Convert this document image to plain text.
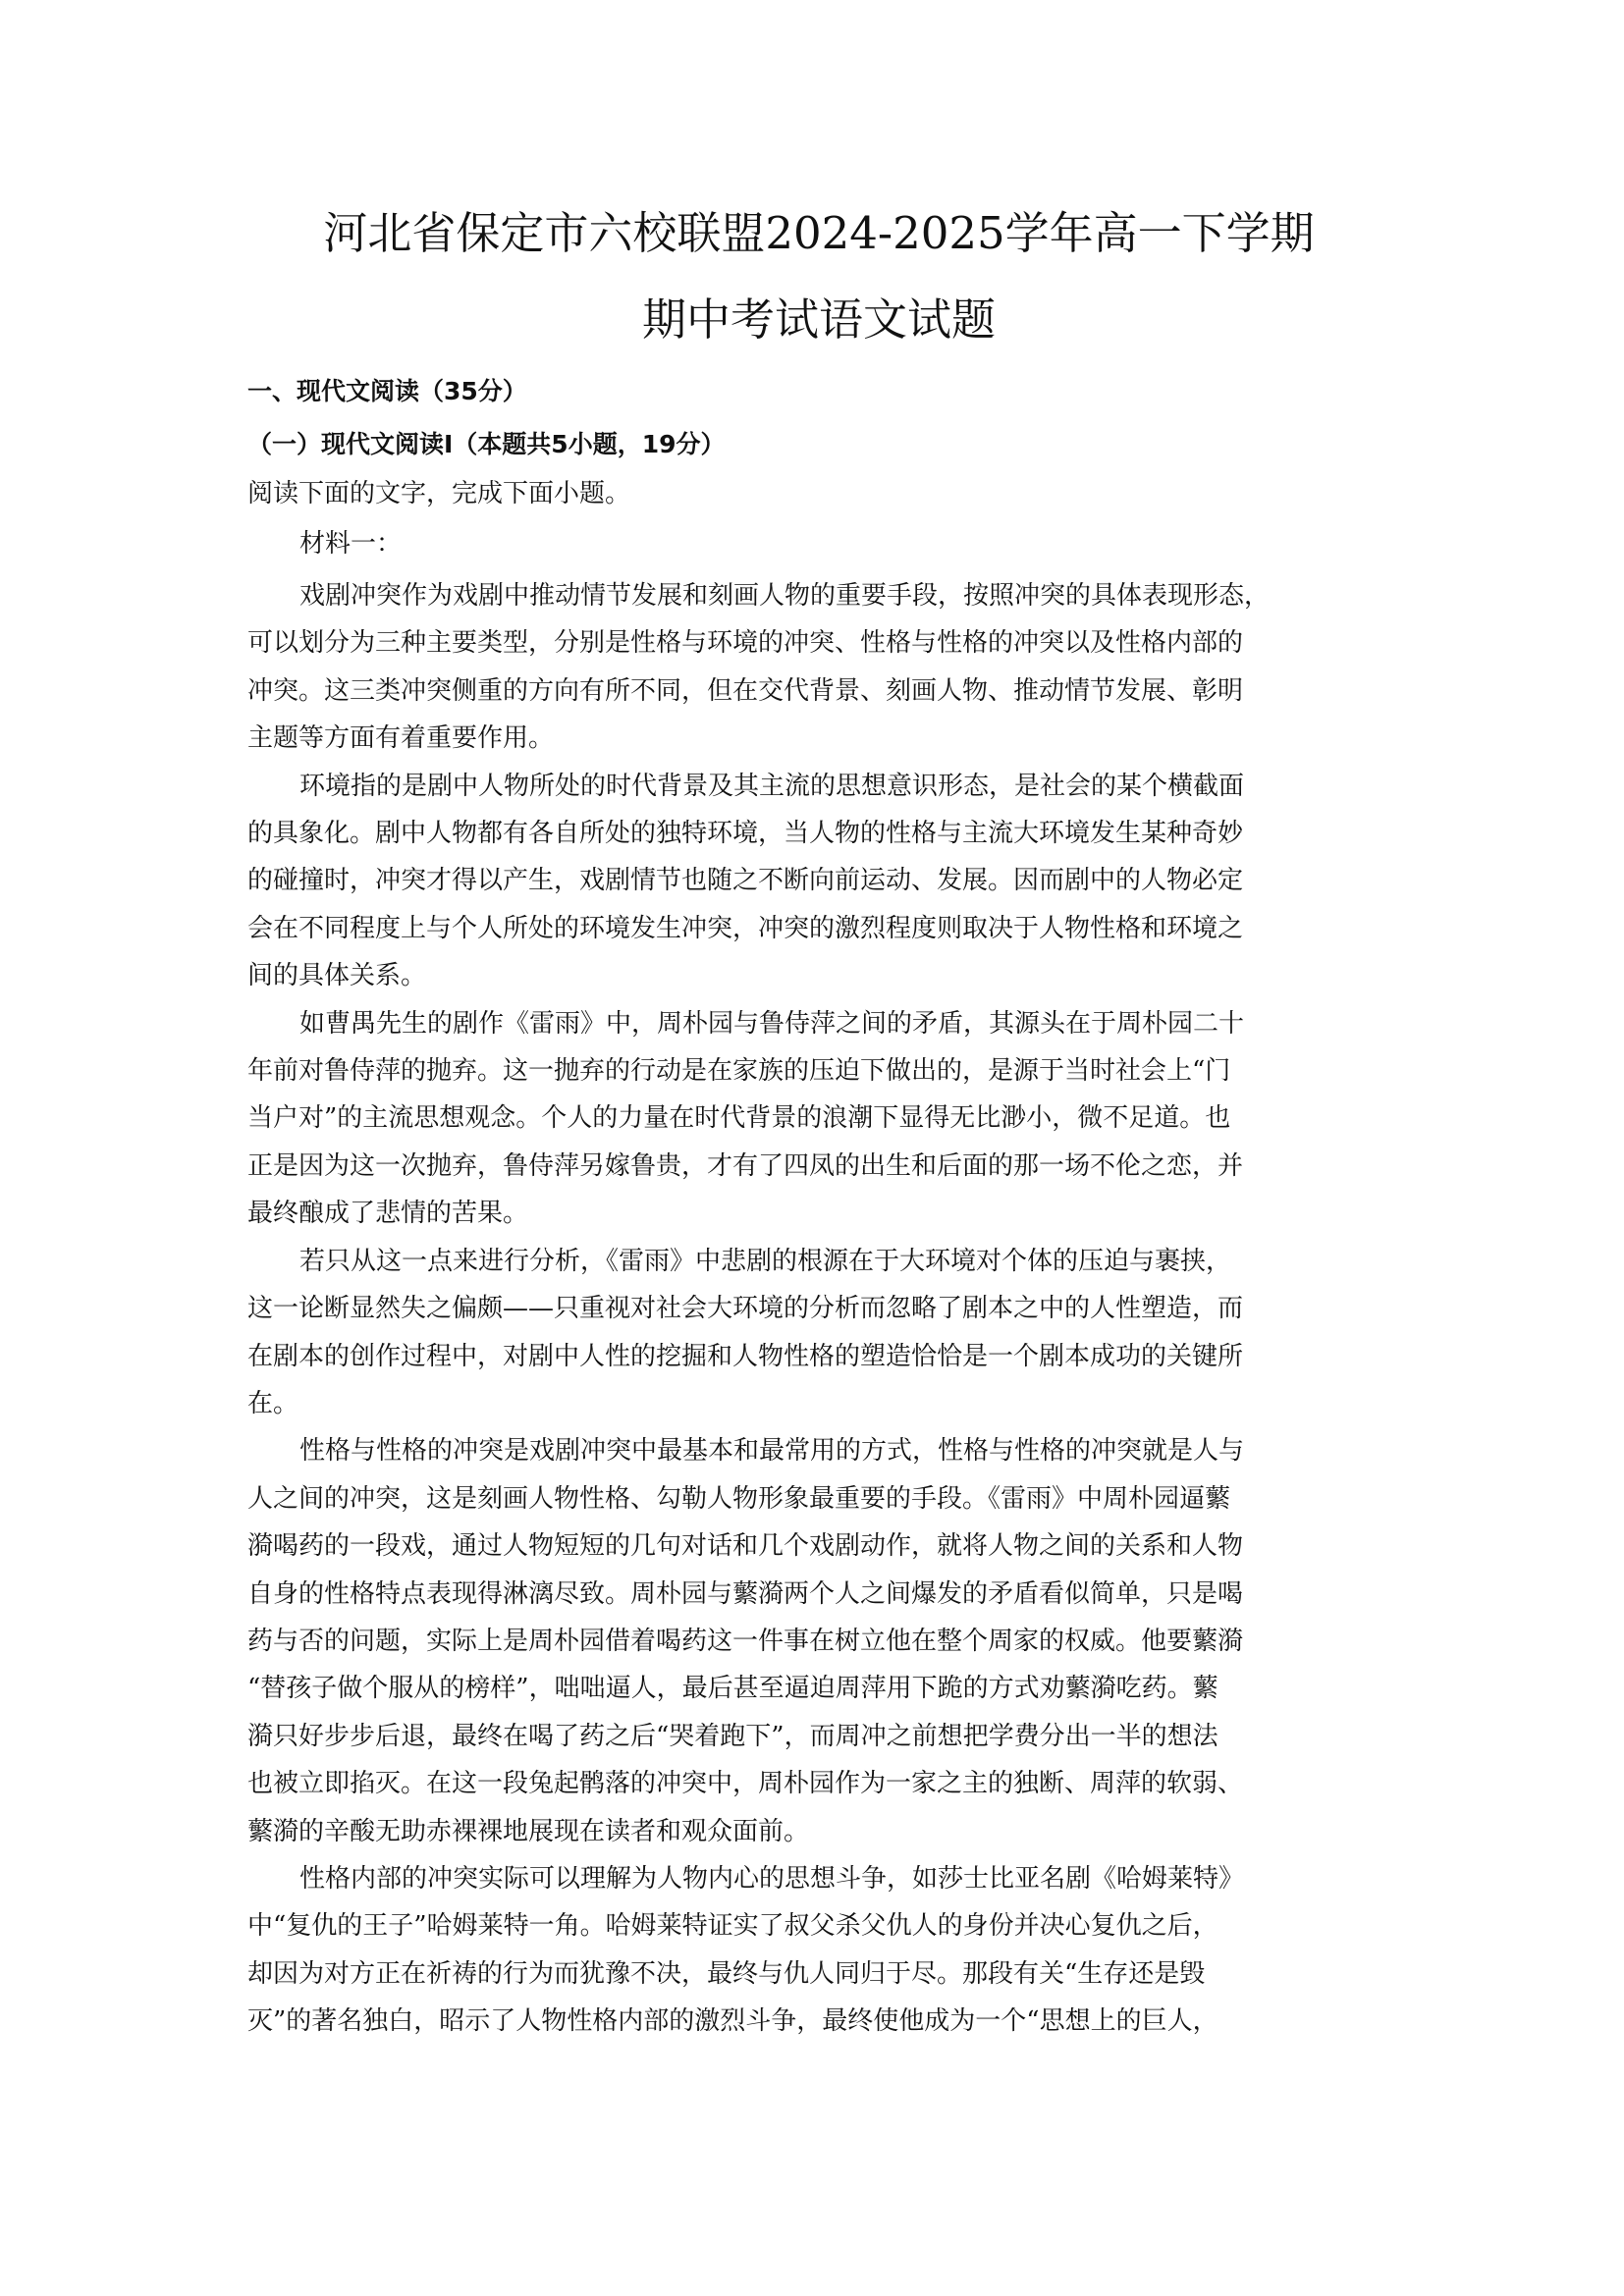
河北省保定市六校联盟2024-2025学年高一下学期
期中考试语文试题
一、现代文阅读（35分）
（一）现代文阅读I（本题共5小题，19分）
阅读下面的文字，完成下面小题。
材料一：
戏剧冲突作为戏剧中推动情节发展和刻画人物的重要手段，按照冲突的具体表现形态，
可以划分为三种主要类型，分别是性格与环境的冲突、性格与性格的冲突以及性格内部的
冲突。这三类冲突侧重的方向有所不同，但在交代背景、刻画人物、推动情节发展、彰明
主题等方面有着重要作用。
环境指的是剧中人物所处的时代背景及其主流的思想意识形态，是社会的某个横截面
的具象化。剧中人物都有各自所处的独特环境，当人物的性格与主流大环境发生某种奇妙
的碰撞时，冲突才得以产生，戏剧情节也随之不断向前运动、发展。因而剧中的人物必定
会在不同程度上与个人所处的环境发生冲突，冲突的激烈程度则取决于人物性格和环境之
间的具体关系。
如曹禺先生的剧作《雷雨》中，周朴园与鲁侍萍之间的矛盾，其源头在于周朴园二十
年前对鲁侍萍的抛弃。这一抛弃的行动是在家族的压迫下做出的，是源于当时社会上“门
当户对”的主流思想观念。个人的力量在时代背景的浪潮下显得无比渺小，微不足道。也
正是因为这一次抛弃，鲁侍萍另嫁鲁贵，才有了四凤的出生和后面的那一场不伦之恋，并
最终酿成了悲情的苦果。
若只从这一点来进行分析，《雷雨》中悲剧的根源在于大环境对个体的压迫与裹挟，
这一论断显然失之偏颇——只重视对社会大环境的分析而忽略了剧本之中的人性塑造，而
在剧本的创作过程中，对剧中人性的挖掘和人物性格的塑造恰恰是一个剧本成功的关键所
在。
性格与性格的冲突是戏剧冲突中最基本和最常用的方式，性格与性格的冲突就是人与
人之间的冲突，这是刻画人物性格、勾勒人物形象最重要的手段。《雷雨》中周朴园逼蘩
漪喝药的一段戏，通过人物短短的几句对话和几个戏剧动作，就将人物之间的关系和人物
自身的性格特点表现得淋漓尽致。周朴园与蘩漪两个人之间爆发的矛盾看似简单，只是喝
药与否的问题，实际上是周朴园借着喝药这一件事在树立他在整个周家的权威。他要蘩漪
“替孩子做个服从的榜样”，咄咄逼人，最后甚至逼迫周萍用下跪的方式劝蘩漪吃药。蘩
漪只好步步后退，最终在喝了药之后“哭着跑下”，而周冲之前想把学费分出一半的想法
也被立即掐灭。在这一段兔起鹘落的冲突中，周朴园作为一家之主的独断、周萍的软弱、
蘩漪的辛酸无助赤裸裸地展现在读者和观众面前。
性格内部的冲突实际可以理解为人物内心的思想斗争，如莎士比亚名剧《哈姆莱特》
中“复仇的王子”哈姆莱特一角。哈姆莱特证实了叔父杀父仇人的身份并决心复仇之后，
却因为对方正在祈祷的行为而犹豫不决，最终与仇人同归于尽。那段有关“生存还是毁
灭”的著名独白，昭示了人物性格内部的激烈斗争，最终使他成为一个“思想上的巨人，
